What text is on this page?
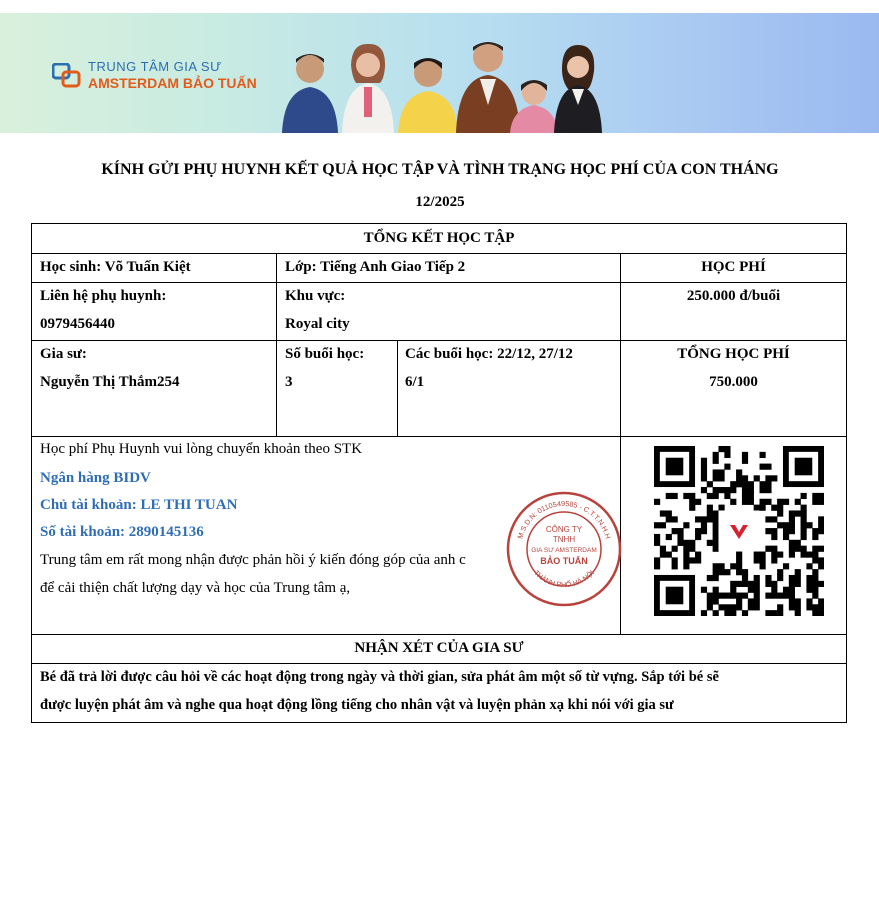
TRUNG TÂM GIA SƯ
AMSTERDAM BẢO TUẤN
KÍNH GỬI PHỤ HUYNH KẾT QUẢ HỌC TẬP VÀ TÌNH TRẠNG HỌC PHÍ CỦA CON THÁNG
12/2025
TỔNG KẾT HỌC TẬP
Học sinh: Võ Tuấn Kiệt	Lớp: Tiếng Anh Giao Tiếp 2	HỌC PHÍ
Liên hệ phụ huynh:
0979456440
Khu vực:
Royal city
250.000 đ/buổi
Gia sư:
Nguyễn Thị Thắm254
Số buổi học:
3
Các buổi học: 22/12, 27/12
6/1
TỔNG HỌC PHÍ
750.000
Học phí Phụ Huynh vui lòng chuyển khoản theo STK
Ngân hàng BIDV
Chủ tài khoản: LE THI TUAN
Số tài khoản: 2890145136
Trung tâm em rất mong nhận được phản hồi ý kiến đóng góp của anh c
để cải thiện chất lượng dạy và học của Trung tâm ạ,
M.S.D.N: 0110549585 - C.T.T.N.H.H
THÀNH PHỐ HÀ NỘI
CÔNG TY
TNHH
GIA SƯ AMSTERDAM
BẢO TUẤN
NHẬN XÉT CỦA GIA SƯ
Bé đã trả lời được câu hỏi về các hoạt động trong ngày và thời gian, sửa phát âm một số từ vựng. Sắp tới bé sẽ
được luyện phát âm và nghe qua hoạt động lồng tiếng cho nhân vật và luyện phản xạ khi nói với gia sư
